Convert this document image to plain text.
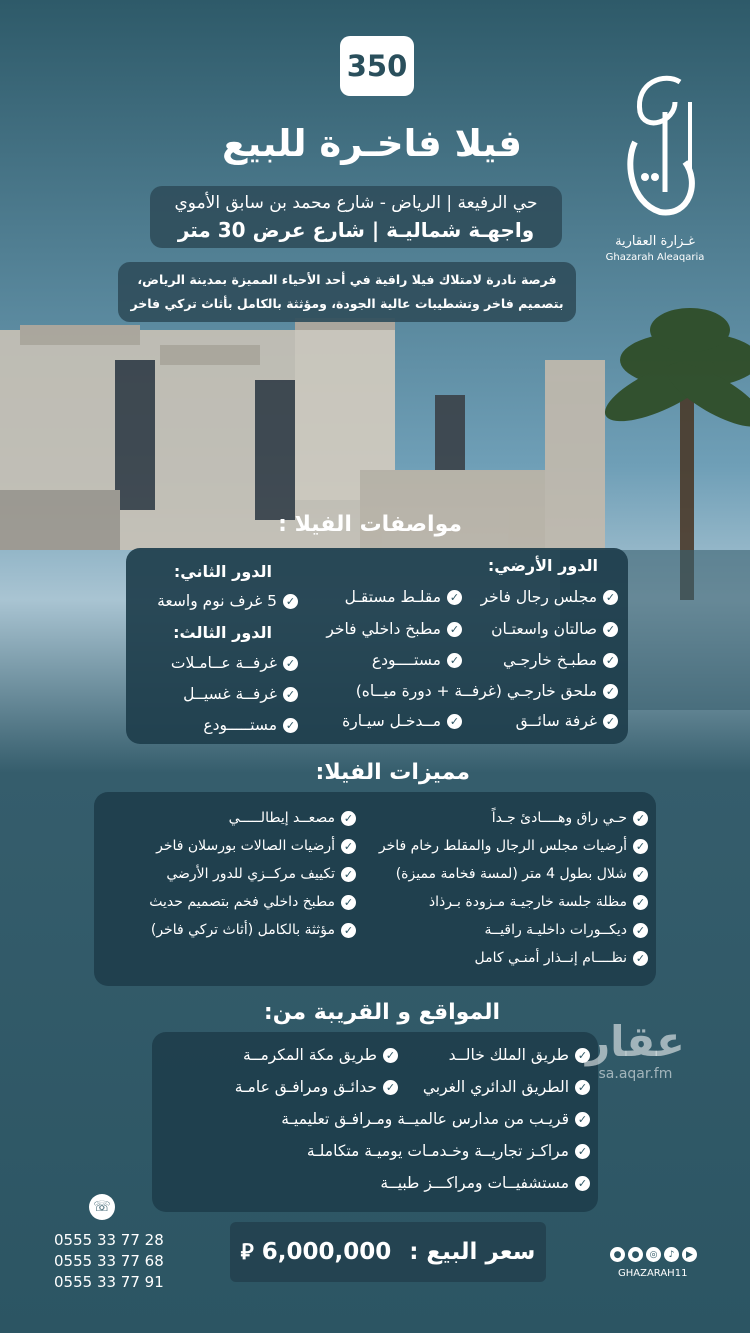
350
فيلا فاخـرة للبيع
حي الرفيعة | الرياض - شارع محمد بن سابق الأموي
واجهـة شماليـة | شارع عرض 30 متر
فرصة نادرة لامتلاك فيلا راقية في أحد الأحياء المميزة بمدينة الرياض،
بتصميم فاخر وتشطيبات عالية الجودة، ومؤثثة بالكامل بأثاث تركي فاخر
غـزارة العقارية
Ghazarah Aleaqaria
مواصفات الفيلا :
الدور الأرضي:
الدور الثاني:
الدور الثالث:
✓
مجلس رجال فاخر
✓
صالتان واسعتـان
✓
مطبـخ خارجـي
✓
ملحق خارجـي (غرفــة + دورة ميــاه)
✓
غرفة سائــق
✓
مقلـط مستقـل
✓
مطبخ داخلي فاخر
✓
مستــــودع
✓
مــدخـل سيـارة
✓
5 غرف نوم واسعة
✓
غرفــة عــامـلات
✓
غرفــة غسيــل
✓
مستـــــودع
مميزات الفيلا:
✓
حـي راق وهــــادئ جـداً
✓
أرضيات مجلس الرجال والمقلط رخام فاخر
✓
شلال بطول 4 متر (لمسة فخامة مميزة)
✓
مظلة جلسة خارجيـة مـزودة بـرذاذ
✓
ديكــورات داخليـة راقيــة
✓
نظــــام إنــذار أمنـي كامل
✓
مصعــد إيطالـــــي
✓
أرضيات الصالات بورسلان فاخر
✓
تكييف مركــزي للدور الأرضي
✓
مطبخ داخلي فخم بتصميم حديث
✓
مؤثثة بالكامل (أثاث تركي فاخر)
المواقع و القريبة من:
✓
طريق الملك خالــد
✓
طريق مكة المكرمــة
✓
الطريق الدائري الغربي
✓
حدائـق ومرافـق عامـة
✓
قريـب من مدارس عالميــة ومـرافـق تعليميـة
✓
مراكـز تجاريــة وخـدمـات يوميـة متكاملـة
✓
مستشفيــات ومراكـــز طبيــة
عقار
sa.aqar.fm
☏
0555 33 77 28
0555 33 77 68
0555 33 77 91
سعر البيع :
6,000,000
⃁	●	●	◎	♪	▶
GHAZARAH11
